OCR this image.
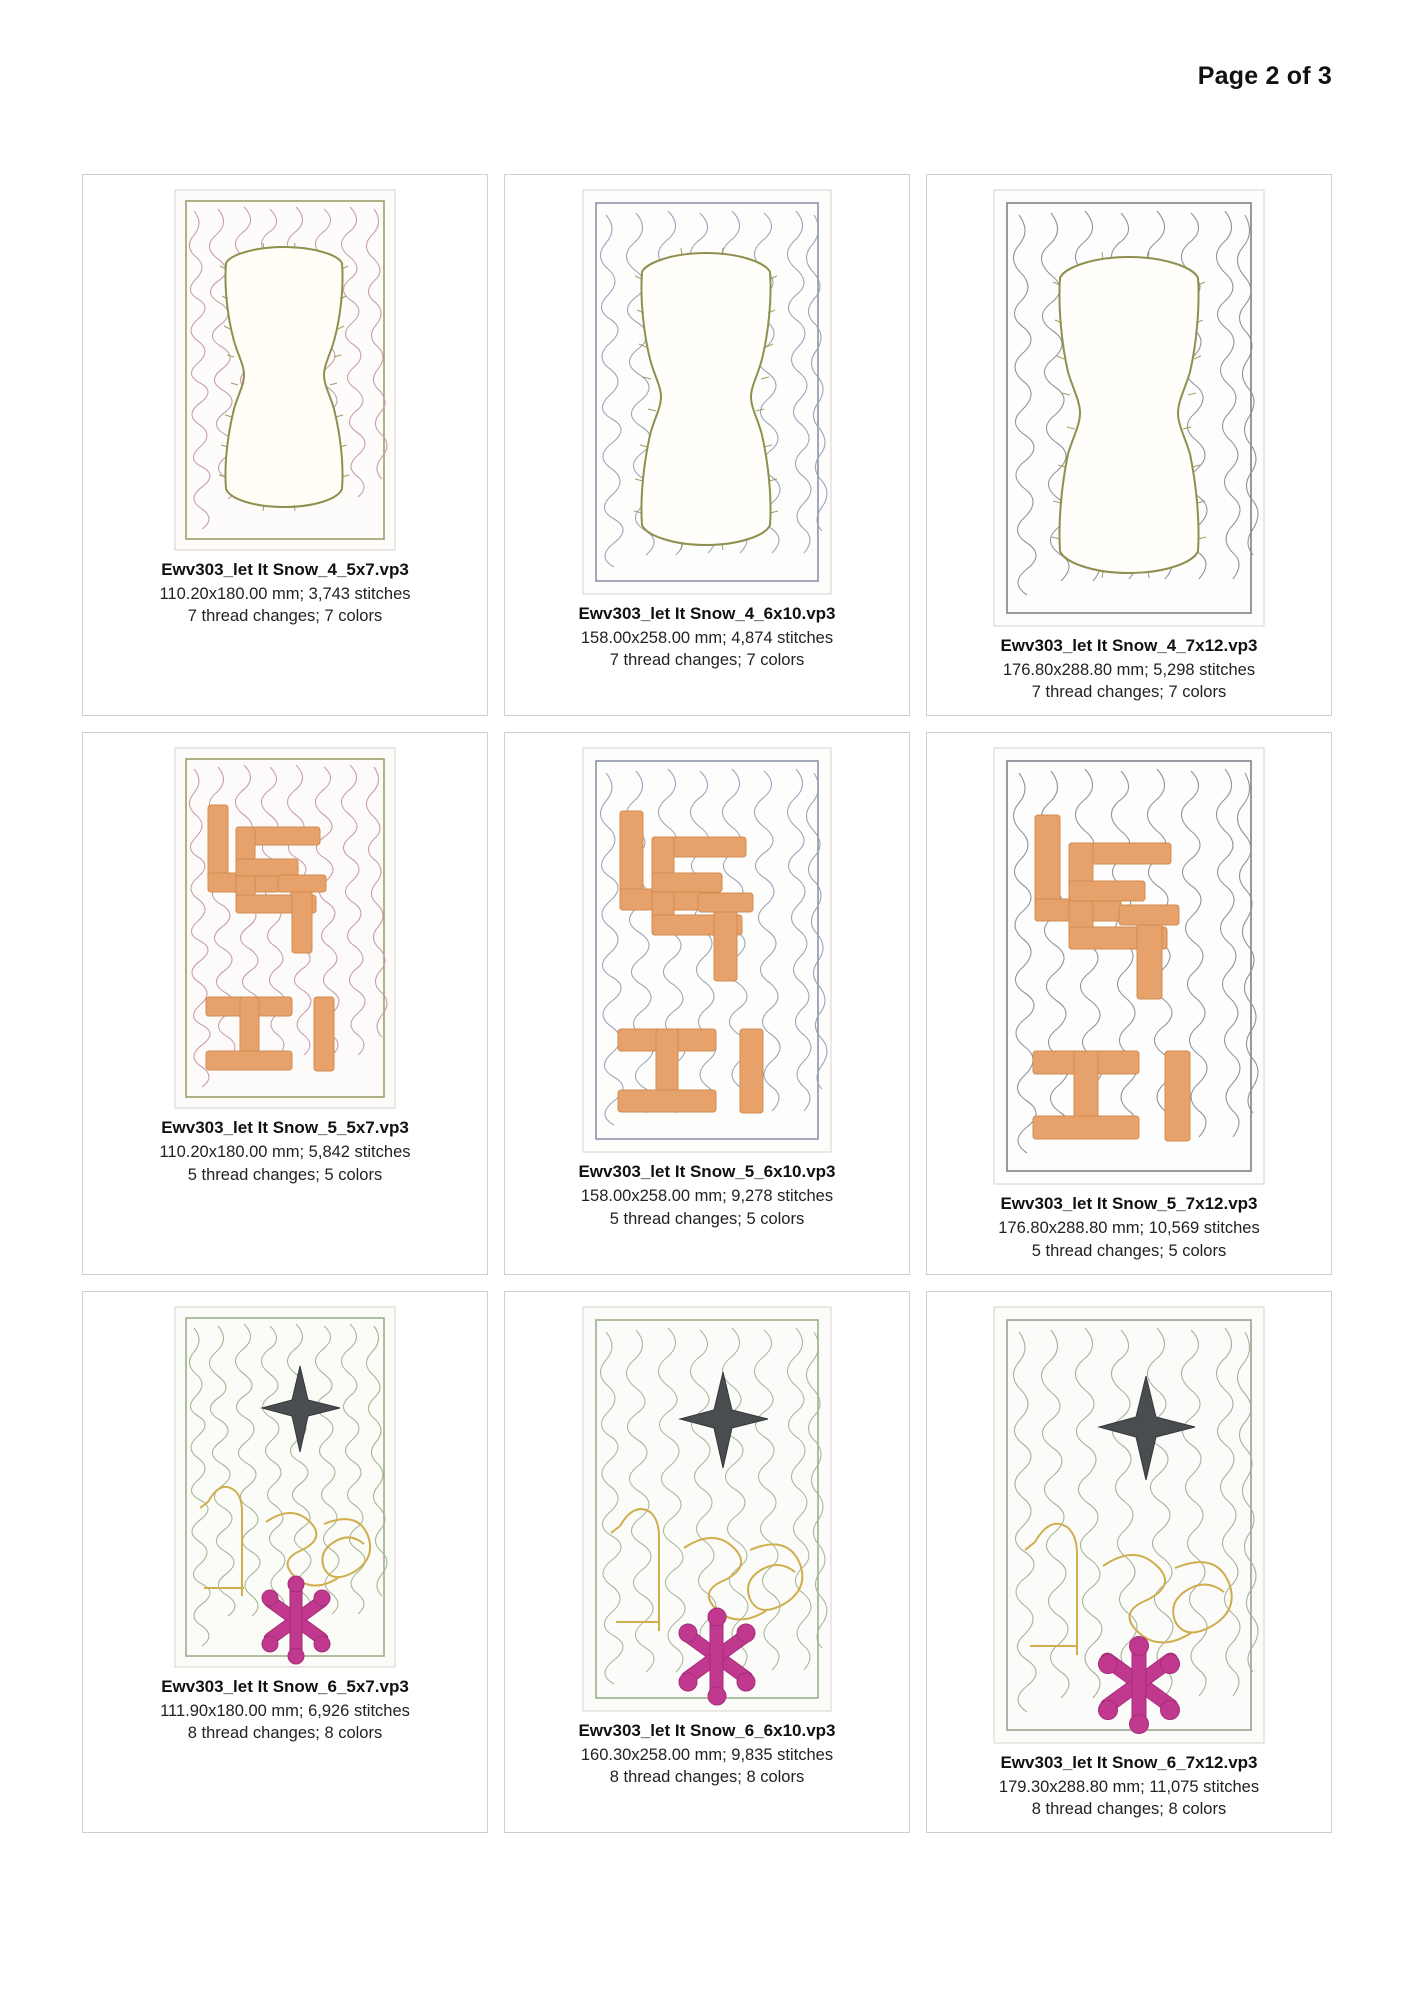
Page 2 of 3
Ewv303_let It Snow_4_5x7.vp3
110.20x180.00 mm; 3,743 stitches
7 thread changes; 7 colors	Ewv303_let It Snow_4_6x10.vp3
158.00x258.00 mm; 4,874 stitches
7 thread changes; 7 colors
Ewv303_let It Snow_4_7x12.vp3
176.80x288.80 mm; 5,298 stitches
7 thread changes; 7 colors
Ewv303_let It Snow_5_5x7.vp3
110.20x180.00 mm; 5,842 stitches
5 thread changes; 5 colors	Ewv303_let It Snow_5_6x10.vp3
158.00x258.00 mm; 9,278 stitches
5 thread changes; 5 colors
Ewv303_let It Snow_5_7x12.vp3
176.80x288.80 mm; 10,569 stitches
5 thread changes; 5 colors
Ewv303_let It Snow_6_5x7.vp3
111.90x180.00 mm; 6,926 stitches
8 thread changes; 8 colors	Ewv303_let It Snow_6_6x10.vp3
160.30x258.00 mm; 9,835 stitches
8 thread changes; 8 colors
Ewv303_let It Snow_6_7x12.vp3
179.30x288.80 mm; 11,075 stitches
8 thread changes; 8 colors
